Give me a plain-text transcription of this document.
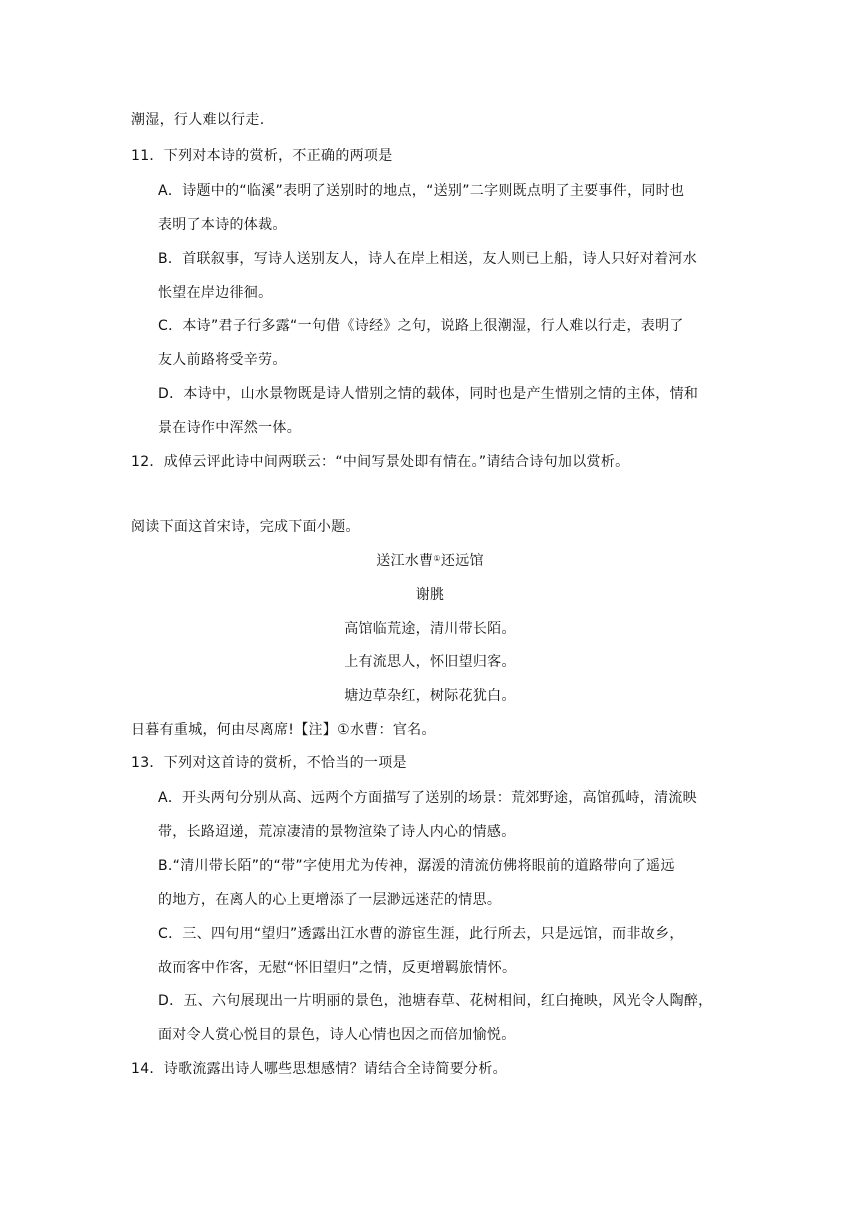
潮湿，行人难以行走.
11．下列对本诗的赏析，不正确的两项是
A．诗题中的“临溪”表明了送别时的地点，“送别”二字则既点明了主要事件，同时也
表明了本诗的体裁。
B．首联叙事，写诗人送别友人，诗人在岸上相送，友人则已上船，诗人只好对着河水
怅望在岸边徘徊。
C．本诗”君子行多露“一句借《诗经》之句，说路上很潮湿，行人难以行走，表明了
友人前路将受辛劳。
D．本诗中，山水景物既是诗人惜别之情的载体，同时也是产生惜别之情的主体，情和
景在诗作中浑然一体。
12．成倬云评此诗中间两联云：“中间写景处即有情在。”请结合诗句加以赏析。
阅读下面这首宋诗，完成下面小题。
送江水曹①还远馆
谢朓
高馆临荒途，清川带长陌。
上有流思人，怀旧望归客。
塘边草杂红，树际花犹白。
日暮有重城，何由尽离席!【注】①水曹：官名。
13．下列对这首诗的赏析，不恰当的一项是
A．开头两句分别从高、远两个方面描写了送别的场景：荒郊野途，高馆孤峙，清流映
带，长路迢递，荒凉凄清的景物渲染了诗人内心的情感。
B.“清川带长陌”的“带”字使用尤为传神，潺湲的清流仿佛将眼前的道路带向了遥远
的地方，在离人的心上更增添了一层渺远迷茫的情思。
C．三、四句用“望归”透露出江水曹的游宦生涯，此行所去，只是远馆，而非故乡，
故而客中作客，无慰“怀旧望归”之情，反更增羁旅情怀。
D．五、六句展现出一片明丽的景色，池塘春草、花树相间，红白掩映，风光令人陶醉，
面对令人赏心悦目的景色，诗人心情也因之而倍加愉悦。
14．诗歌流露出诗人哪些思想感情？请结合全诗简要分析。
